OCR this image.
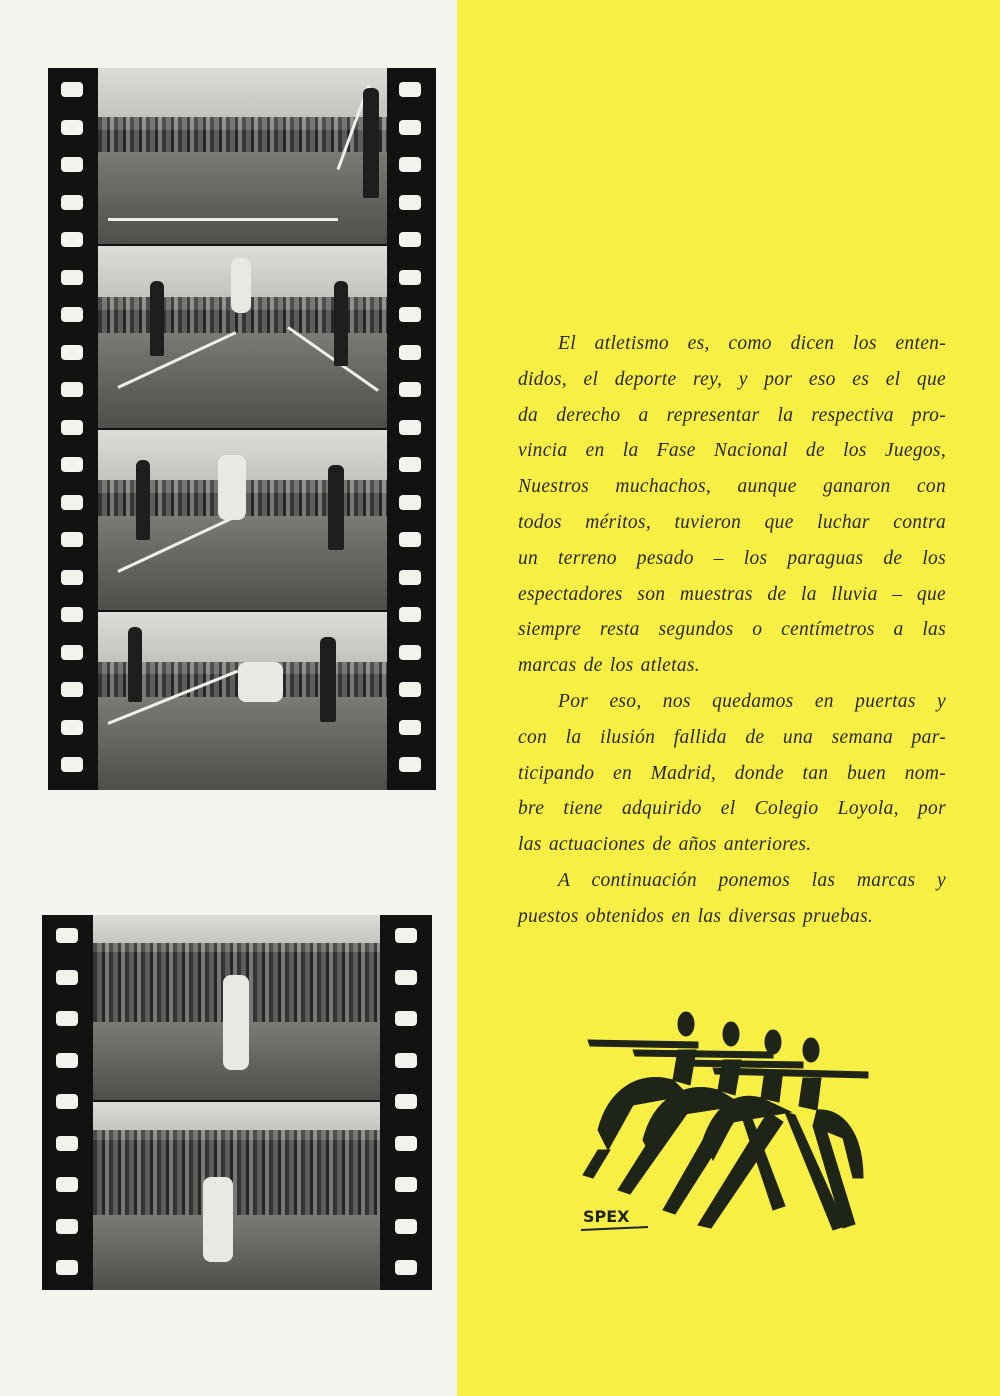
El atletismo es, como dicen los enten-
didos, el deporte rey, y por eso es el que
da derecho a representar la respectiva pro-
vincia en la Fase Nacional de los Juegos,
Nuestros muchachos, aunque ganaron con
todos méritos, tuvieron que luchar contra
un terreno pesado – los paraguas de los
espectadores son muestras de la lluvia – que
siempre resta segundos o centímetros a las
marcas de los atletas.
Por eso, nos quedamos en puertas y
con la ilusión fallida de una semana par-
ticipando en Madrid, donde tan buen nom-
bre tiene adquirido el Colegio Loyola, por
las actuaciones de años anteriores.
A continuación ponemos las marcas y
puestos obtenidos en las diversas pruebas.
SPEX
